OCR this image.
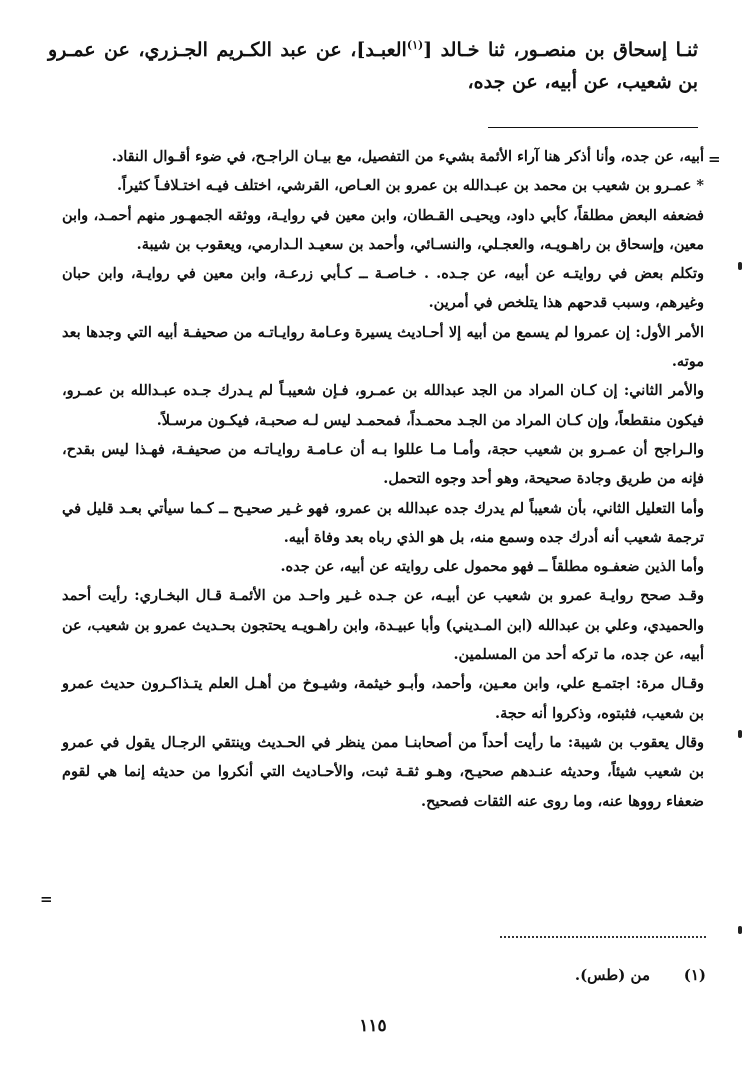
ثنـا إسحاق بن منصـور، ثنا خـالد [$^{(١)}$العبـد]، عن عبد الكـريم الجـزري، عن عمـرو بن شعيب، عن أبيه، عن جده،

=

أبيه، عن جده، وأنا أذكر هنا آراء الأئمة بشيء من التفصيل، مع بيـان الراجـح، في ضوء أقـوال النقاد.

* عمـرو بن شعيب بن محمد بن عبـدالله بن عمرو بن العـاص، القرشي، اختلف فيـه اختـلافـاً كثيراً.

فضعفه البعض مطلقاً، كأبي داود، ويحيـى القـطان، وابن معين في روايـة، ووثقه الجمهـور منهم أحمـد، وابن معين، وإسحاق بن راهـويـه، والعجـلي، والنسـائي، وأحمد بن سعيـد الـدارمي، ويعقوب بن شيبة.

وتكلم بعض في روايتـه عن أبيه، عن جـده. . خـاصـة ــ كـأبي زرعـة، وابن معين في روايـة، وابن حبان وغيرهم، وسبب قدحهم هذا يتلخص في أمرين.

الأمر الأول: إن عمروا لم يسمع من أبيه إلا أحـاديث يسيرة وعـامة روايـاتـه من صحيفـة أبيه التي وجدها بعد موته.

والأمر الثاني: إن كـان المراد من الجد عبدالله بن عمـرو، فـإن شعيبـاً لم يـدرك جـده عبـدالله بن عمـرو، فيكون منقطعاً، وإن كـان المراد من الجـد محمـداً، فمحمـد ليس لـه صحبـة، فيكـون مرسـلاً.

والـراجح أن عمـرو بن شعيب حجة، وأمـا مـا عللوا بـه أن عـامـة روايـاتـه من صحيفـة، فهـذا ليس بقدح، فإنه من طريق وجادة صحيحة، وهو أحد وجوه التحمل.

وأما التعليل الثاني، بأن شعيباً لم يدرك جده عبدالله بن عمرو، فهو غـير صحيـح ــ كـما سيأتي بعـد قليل في ترجمة شعيب أنه أدرك جده وسمع منه، بل هو الذي رباه بعد وفاة أبيه.

وأما الذين ضعفـوه مطلقاً ــ فهو محمول على روايته عن أبيه، عن جده.

وقـد صحح روايـة عمرو بن شعيب عن أبيـه، عن جـده غـير واحـد من الأئمـة قـال البخـاري: رأيت أحمد والحميدي، وعلي بن عبدالله (ابن المـديني) وأبا عبيـدة، وابن راهـويـه يحتجون بحـديث عمرو بن شعيب، عن أبيه، عن جده، ما تركه أحد من المسلمين.

وقـال مرة: اجتمـع علي، وابن معـين، وأحمد، وأبـو خيثمة، وشيـوخ من أهـل العلم يتـذاكـرون حديث عمرو بن شعيب، فثبتوه، وذكروا أنه حجة.

وقال يعقوب بن شيبة: ما رأيت أحداً من أصحابنـا ممن ينظر في الحـديث وينتقي الرجـال يقول في عمرو بن شعيب شيئاً، وحديثه عنـدهم صحيـح، وهـو ثقـة ثبت، والأحـاديث التي أنكروا من حديثه إنما هي لقوم ضعفاء رووها عنه، وما روى عنه الثقات فصحيح.

=
(١)من (طس).
١١٥
